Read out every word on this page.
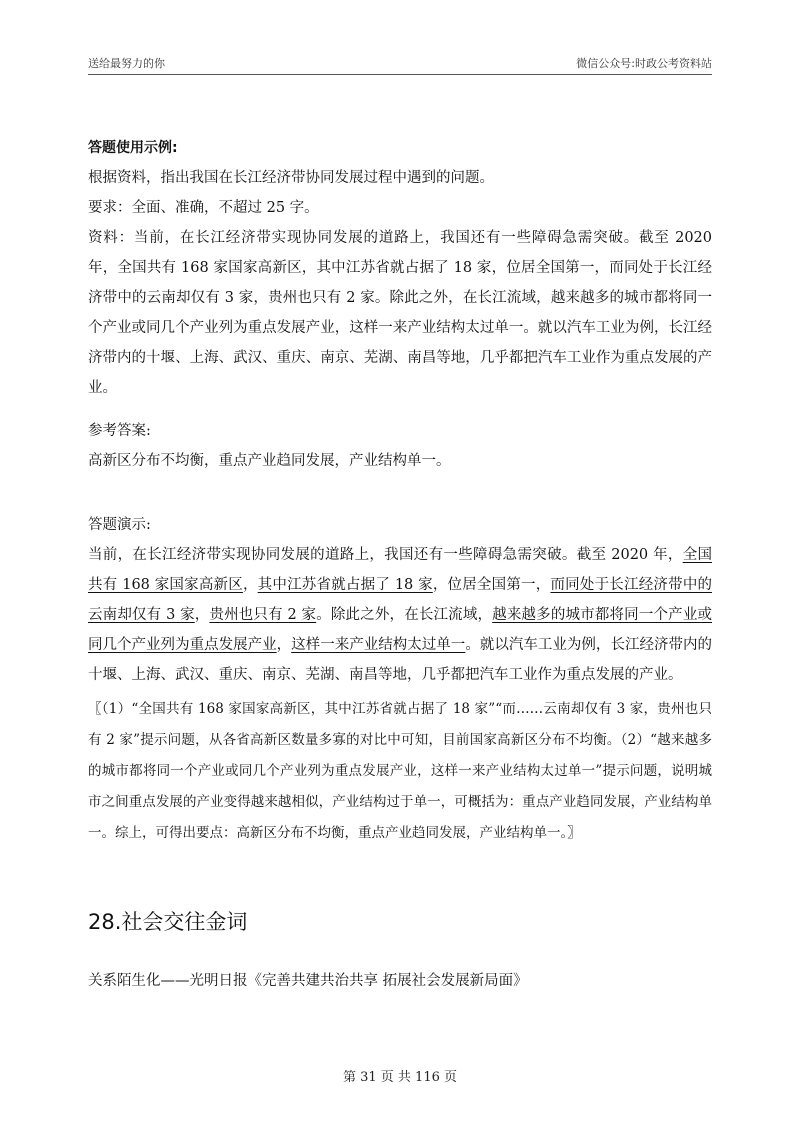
送给最努力的你	微信公众号:时政公考资料站

答题使用示例:

根据资料，指出我国在长江经济带协同发展过程中遇到的问题。

要求：全面、准确，不超过 25 字。

资料：当前，在长江经济带实现协同发展的道路上，我国还有一些障碍急需突破。截至 2020 年，全国共有 168 家国家高新区，其中江苏省就占据了 18 家，位居全国第一，而同处于长江经济带中的云南却仅有 3 家，贵州也只有 2 家。除此之外，在长江流域，越来越多的城市都将同一个产业或同几个产业列为重点发展产业，这样一来产业结构太过单一。就以汽车工业为例，长江经济带内的十堰、上海、武汉、重庆、南京、芜湖、南昌等地，几乎都把汽车工业作为重点发展的产业。

参考答案:

高新区分布不均衡，重点产业趋同发展，产业结构单一。

答题演示:

当前，在长江经济带实现协同发展的道路上，我国还有一些障碍急需突破。截至 2020 年，全国共有 168 家国家高新区，其中江苏省就占据了 18 家，位居全国第一，而同处于长江经济带中的云南却仅有 3 家，贵州也只有 2 家。除此之外，在长江流域，越来越多的城市都将同一个产业或同几个产业列为重点发展产业，这样一来产业结构太过单一。就以汽车工业为例，长江经济带内的十堰、上海、武汉、重庆、南京、芜湖、南昌等地，几乎都把汽车工业作为重点发展的产业。

〖（1）“全国共有 168 家国家高新区，其中江苏省就占据了 18 家”“而……云南却仅有 3 家，贵州也只有 2 家”提示问题，从各省高新区数量多寡的对比中可知，目前国家高新区分布不均衡。（2）“越来越多的城市都将同一个产业或同几个产业列为重点发展产业，这样一来产业结构太过单一”提示问题，说明城市之间重点发展的产业变得越来越相似，产业结构过于单一，可概括为：重点产业趋同发展，产业结构单一。综上，可得出要点：高新区分布不均衡，重点产业趋同发展，产业结构单一。〗

28.社会交往金词

关系陌生化——光明日报《完善共建共治共享 拓展社会发展新局面》

第 31 页 共 116 页
